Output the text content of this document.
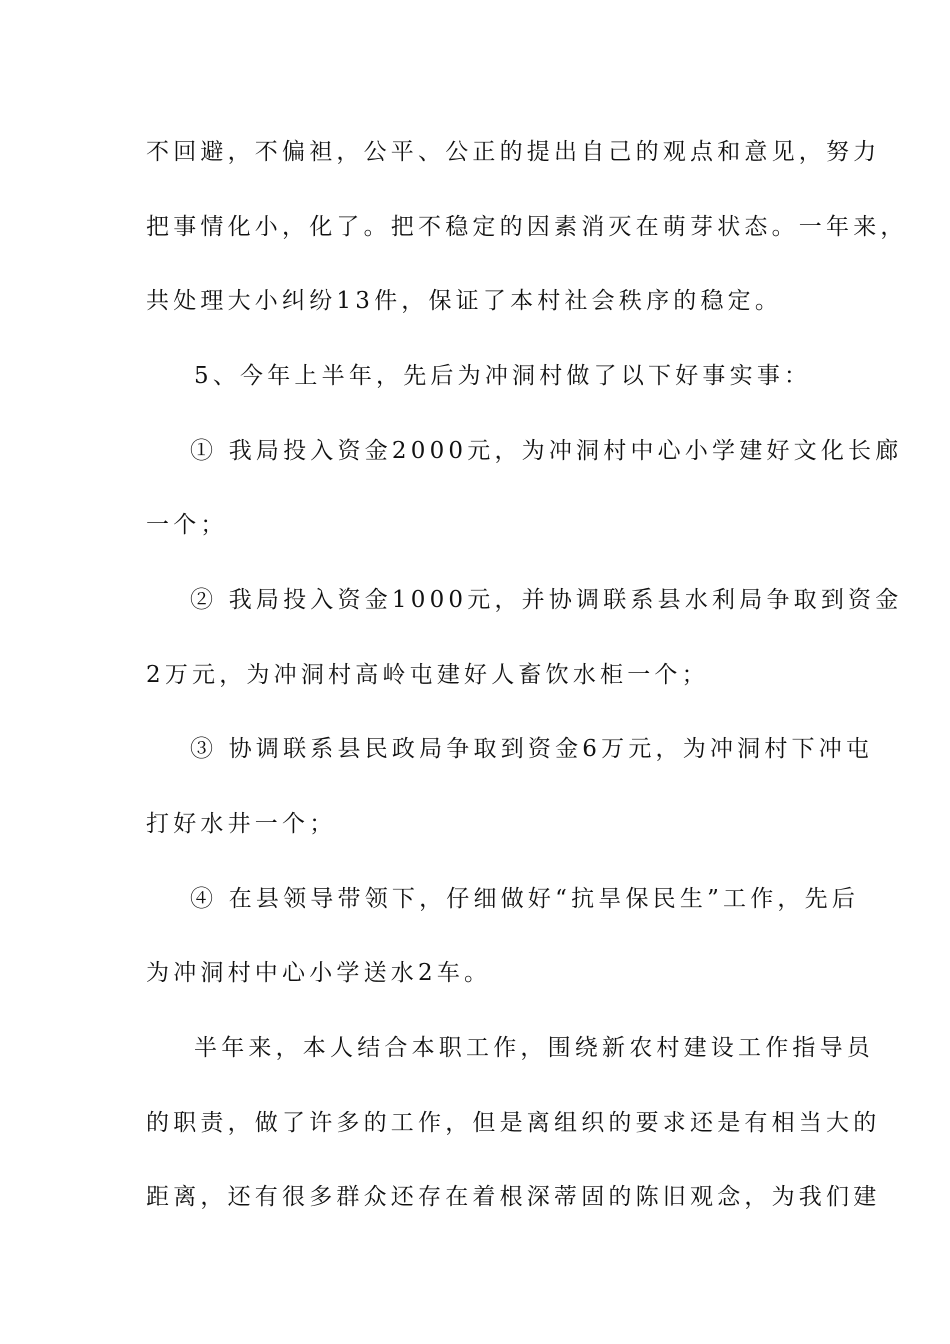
不回避，不偏袒，公平、公正的提出自己的观点和意见，努力
把事情化小，化了。把不稳定的因素消灭在萌芽状态。一年来，
共处理大小纠纷13件，保证了本村社会秩序的稳定。
5、今年上半年，先后为冲洞村做了以下好事实事：
① 我局投入资金2000元，为冲洞村中心小学建好文化长廊
一个；
② 我局投入资金1000元，并协调联系县水利局争取到资金
2万元，为冲洞村高岭屯建好人畜饮水柜一个；
③ 协调联系县民政局争取到资金6万元，为冲洞村下冲屯
打好水井一个；
④ 在县领导带领下，仔细做好“抗旱保民生”工作，先后
为冲洞村中心小学送水2车。
半年来，本人结合本职工作，围绕新农村建设工作指导员
的职责，做了许多的工作，但是离组织的要求还是有相当大的
距离，还有很多群众还存在着根深蒂固的陈旧观念，为我们建
